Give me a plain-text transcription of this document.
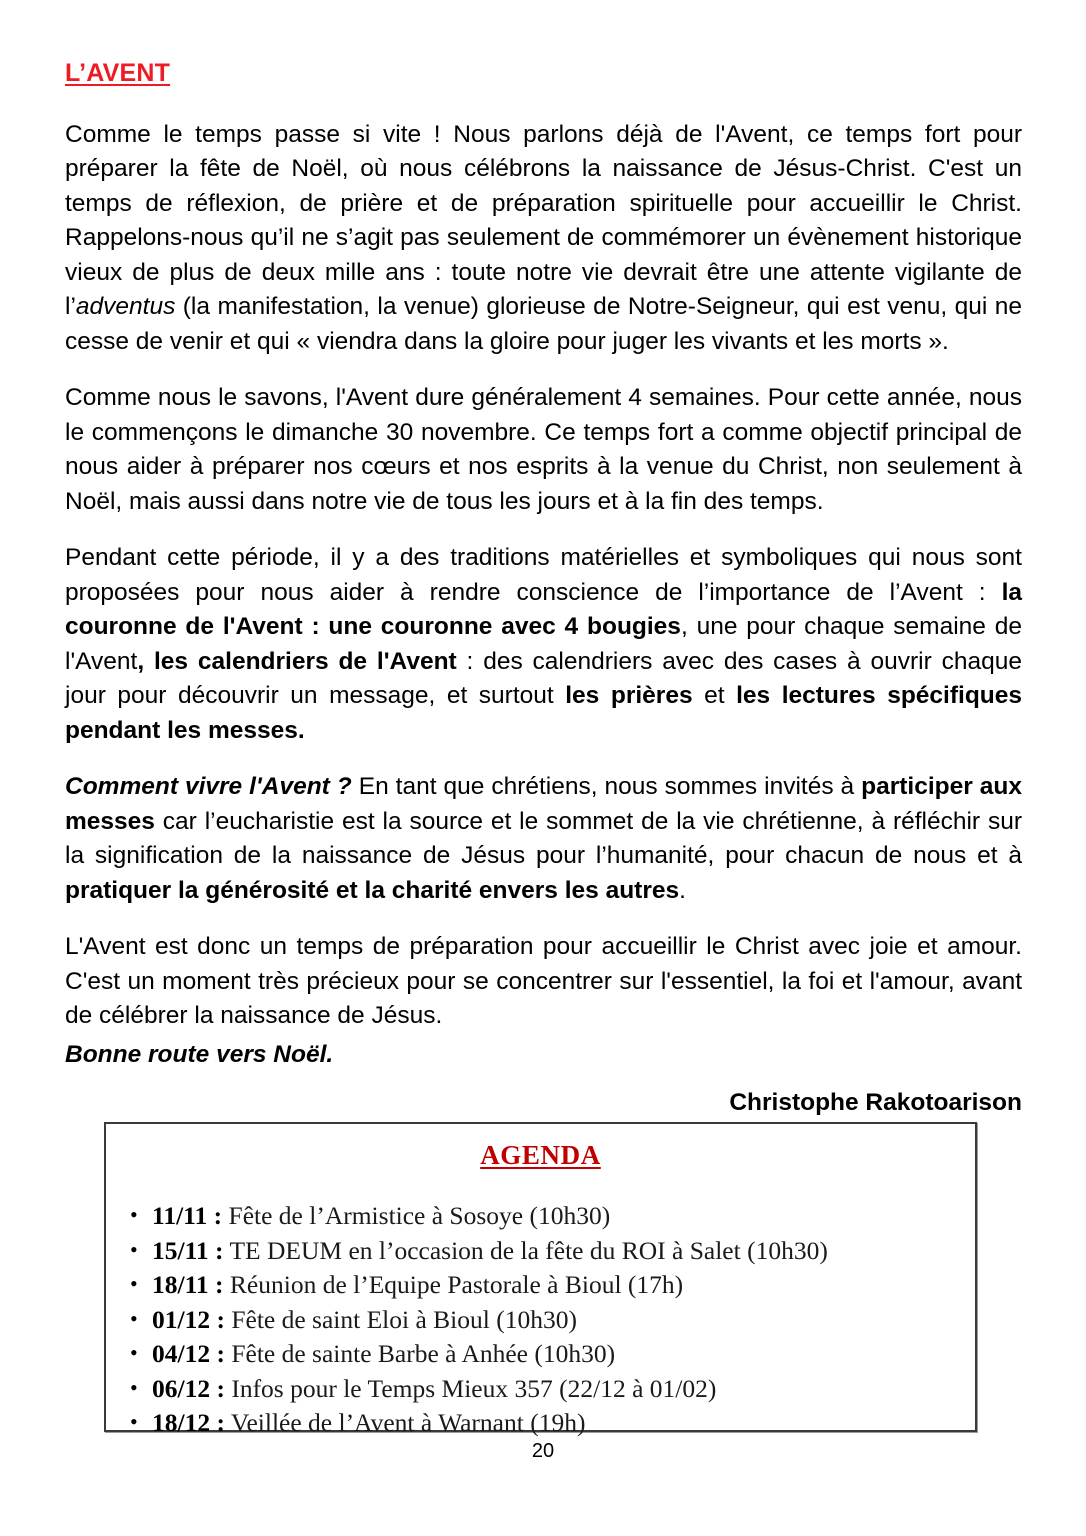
L’AVENT

Comme le temps passe si vite ! Nous parlons déjà de l'Avent, ce temps fort pour préparer la fête de Noël, où nous célébrons la naissance de Jésus-Christ. C'est un temps de réflexion, de prière et de préparation spirituelle pour accueillir le Christ. Rappelons-nous qu’il ne s’agit pas seulement de commémorer un évènement historique vieux de plus de deux mille ans : toute notre vie devrait être une attente vigilante de l’adventus (la manifestation, la venue) glorieuse de Notre-Seigneur, qui est venu, qui ne cesse de venir et qui « viendra dans la gloire pour juger les vivants et les morts ».

Comme nous le savons, l'Avent dure généralement 4 semaines. Pour cette année, nous le commençons le dimanche 30 novembre. Ce temps fort a comme objectif principal de nous aider à préparer nos cœurs et nos esprits à la venue du Christ, non seulement à Noël, mais aussi dans notre vie de tous les jours et à la fin des temps.

Pendant cette période, il y a des traditions matérielles et symboliques qui nous sont proposées pour nous aider à rendre conscience de l’importance de l’Avent : la couronne de l'Avent : une couronne avec 4 bougies, une pour chaque semaine de l'Avent, les calendriers de l'Avent : des calendriers avec des cases à ouvrir chaque jour pour découvrir un message, et surtout les prières et les lectures spécifiques pendant les messes.

Comment vivre l'Avent ? En tant que chrétiens, nous sommes invités à participer aux messes car l’eucharistie est la source et le sommet de la vie chrétienne, à réfléchir sur la signification de la naissance de Jésus pour l’humanité, pour chacun de nous et à pratiquer la générosité et la charité envers les autres.

L'Avent est donc un temps de préparation pour accueillir le Christ avec joie et amour. C'est un moment très précieux pour se concentrer sur l'essentiel, la foi et l'amour, avant de célébrer la naissance de Jésus.

Bonne route vers Noël.

Christophe Rakotoarison

AGENDA
• 11/11 : Fête de l’Armistice à Sosoye (10h30)
• 15/11 : TE DEUM en l’occasion de la fête du ROI à Salet (10h30)
• 18/11 : Réunion de l’Equipe Pastorale à Bioul (17h)
• 01/12 : Fête de saint Eloi à Bioul (10h30)
• 04/12 : Fête de sainte Barbe à Anhée (10h30)
• 06/12 : Infos pour le Temps Mieux 357 (22/12 à 01/02)
• 18/12 : Veillée de l’Avent à Warnant (19h)
20
